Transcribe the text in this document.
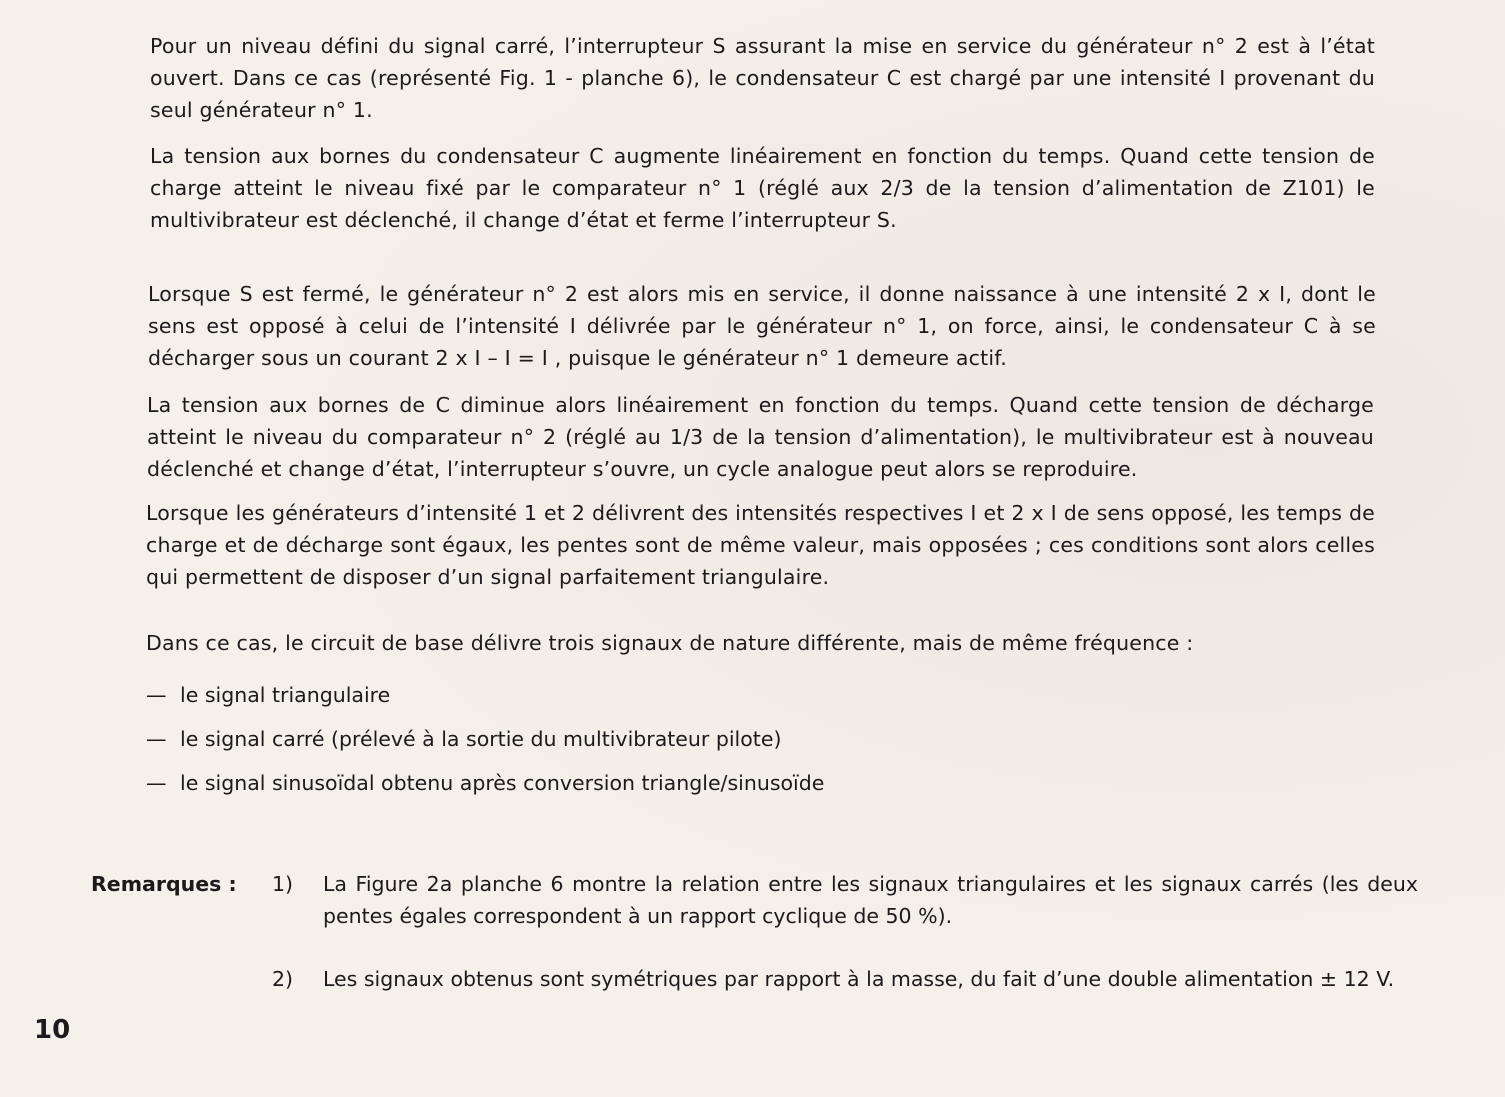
Pour un niveau défini du signal carré, l’interrupteur S assurant la mise en service du générateur n° 2 est à l’état ouvert. Dans ce cas (représenté Fig. 1 - planche 6), le condensateur C est chargé par une intensité I provenant du seul générateur n° 1.

La tension aux bornes du condensateur C augmente linéairement en fonction du temps. Quand cette tension de charge atteint le niveau fixé par le comparateur n° 1 (réglé aux 2/3 de la tension d’alimentation de Z101) le multivibrateur est déclenché, il change d’état et ferme l’interrupteur S.

Lorsque S est fermé, le générateur n° 2 est alors mis en service, il donne naissance à une intensité 2 x I, dont le sens est opposé à celui de l’intensité I délivrée par le générateur n° 1, on force, ainsi, le condensateur C à se décharger sous un courant 2 x I – I = I , puisque le générateur n° 1 demeure actif.

La tension aux bornes de C diminue alors linéairement en fonction du temps. Quand cette tension de décharge atteint le niveau du comparateur n° 2 (réglé au 1/3 de la tension d’alimentation), le multivibrateur est à nouveau déclenché et change d’état, l’interrupteur s’ouvre, un cycle analogue peut alors se reproduire.

Lorsque les générateurs d’intensité 1 et 2 délivrent des intensités respectives I et 2 x I de sens opposé, les temps de charge et de décharge sont égaux, les pentes sont de même valeur, mais opposées ; ces conditions sont alors celles qui permettent de disposer d’un signal parfaitement triangulaire.

Dans ce cas, le circuit de base délivre trois signaux de nature différente, mais de même fréquence :

— le signal triangulaire
— le signal carré (prélevé à la sortie du multivibrateur pilote)
— le signal sinusoïdal obtenu après conversion triangle/sinusoïde
Remarques : 1) La Figure 2a planche 6 montre la relation entre les signaux triangulaires et les signaux carrés (les deux pentes égales correspondent à un rapport cyclique de 50 %).
2) Les signaux obtenus sont symétriques par rapport à la masse, du fait d’une double alimentation ± 12 V.
10
